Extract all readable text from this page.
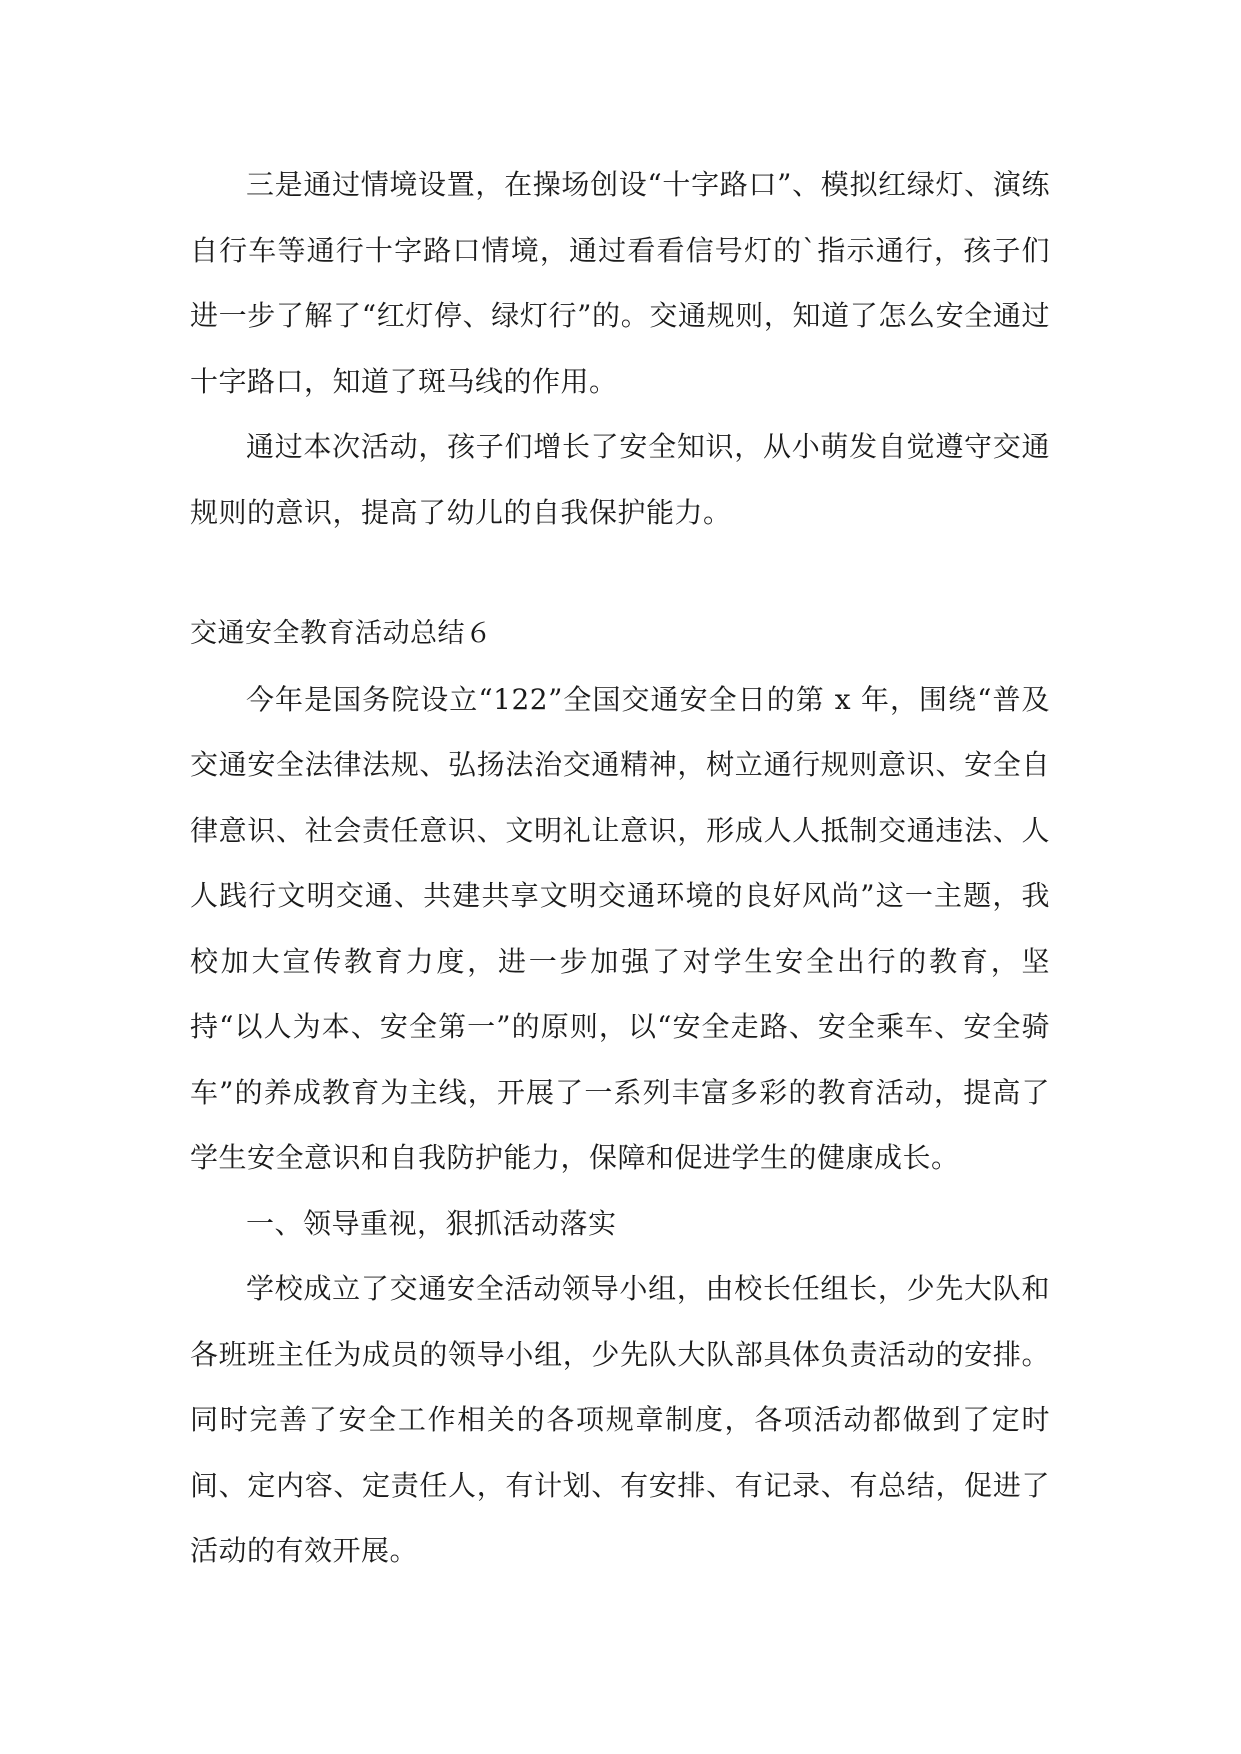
三是通过情境设置，在操场创设“十字路口”、模拟红绿灯、演练自行车等通行十字路口情境，通过看看信号灯的`指示通行，孩子们进一步了解了“红灯停、绿灯行”的。交通规则，知道了怎么安全通过十字路口，知道了斑马线的作用。

通过本次活动，孩子们增长了安全知识，从小萌发自觉遵守交通规则的意识，提高了幼儿的自我保护能力。

交通安全教育活动总结６

今年是国务院设立“122”全国交通安全日的第 x 年，围绕“普及交通安全法律法规、弘扬法治交通精神，树立通行规则意识、安全自律意识、社会责任意识、文明礼让意识，形成人人抵制交通违法、人人践行文明交通、共建共享文明交通环境的良好风尚”这一主题，我校加大宣传教育力度，进一步加强了对学生安全出行的教育，坚持“以人为本、安全第一”的原则，以“安全走路、安全乘车、安全骑车”的养成教育为主线，开展了一系列丰富多彩的教育活动，提高了学生安全意识和自我防护能力，保障和促进学生的健康成长。

一、领导重视，狠抓活动落实

学校成立了交通安全活动领导小组，由校长任组长，少先大队和各班班主任为成员的领导小组，少先队大队部具体负责活动的安排。同时完善了安全工作相关的各项规章制度，各项活动都做到了定时间、定内容、定责任人，有计划、有安排、有记录、有总结，促进了活动的有效开展。
